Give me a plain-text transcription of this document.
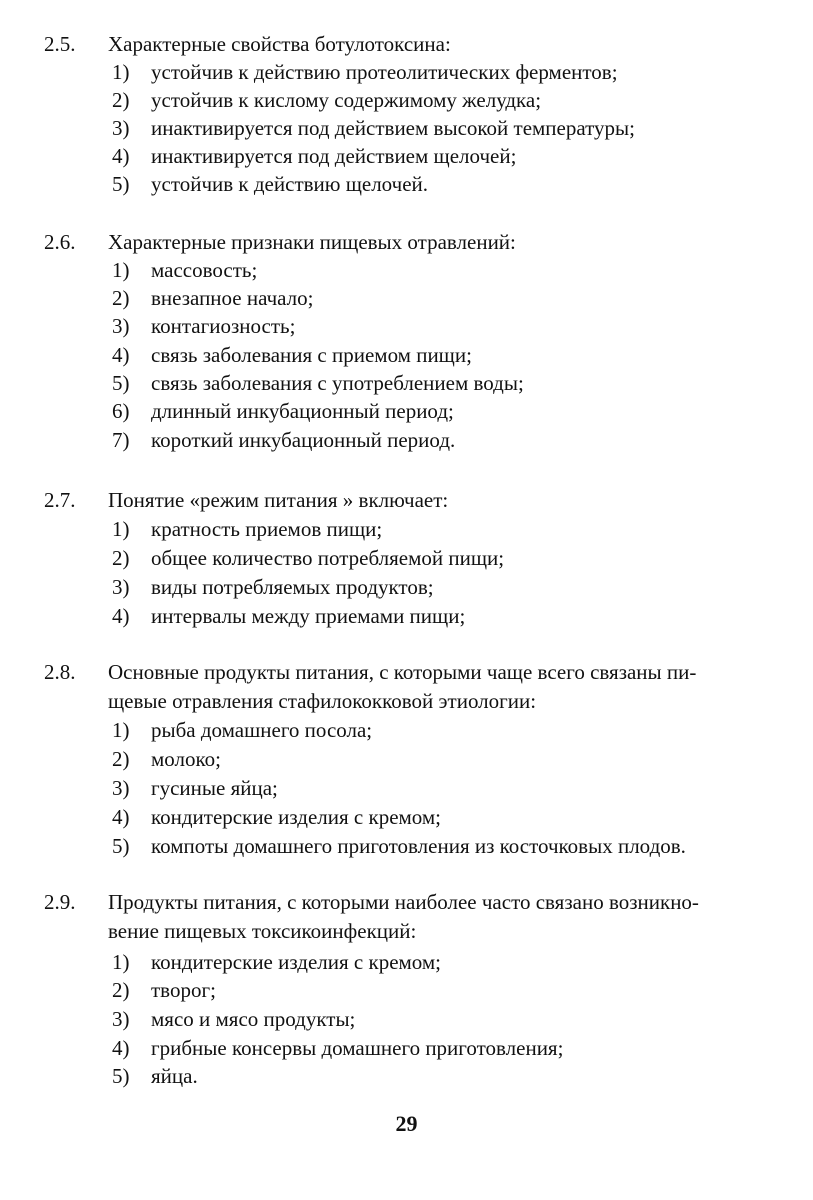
2.5. Характерные свойства ботулотоксина:
1)	устойчив к действию протеолитических ферментов;
2)	устойчив к кислому содержимому желудка;
3)	инактивируется под действием высокой температуры;
4)	инактивируется под действием щелочей;
5)	устойчив к действию щелочей.
2.6. Характерные признаки пищевых отравлений:
1)	массовость;
2)	внезапное начало;
3)	контагиозность;
4)	связь заболевания с приемом пищи;
5)	связь заболевания с употреблением воды;
6)	длинный инкубационный период;
7)	короткий инкубационный период.
2.7. Понятие «режим питания » включает:
1)	кратность приемов пищи;
2)	общее количество потребляемой пищи;
3)	виды потребляемых продуктов;
4)	интервалы между приемами пищи;
2.8. Основные продукты питания, с которыми чаще всего связаны пи-
щевые отравления стафилококковой этиологии:
1)	рыба домашнего посола;
2)	молоко;
3)	гусиные яйца;
4)	кондитерские изделия с кремом;
5)	компоты домашнего приготовления из косточковых плодов.
2.9. Продукты питания, с которыми наиболее часто связано возникно-
вение пищевых токсикоинфекций:
1)	кондитерские изделия с кремом;
2)	творог;
3)	мясо и мясо продукты;
4)	грибные консервы домашнего приготовления;
5)	яйца.
29
